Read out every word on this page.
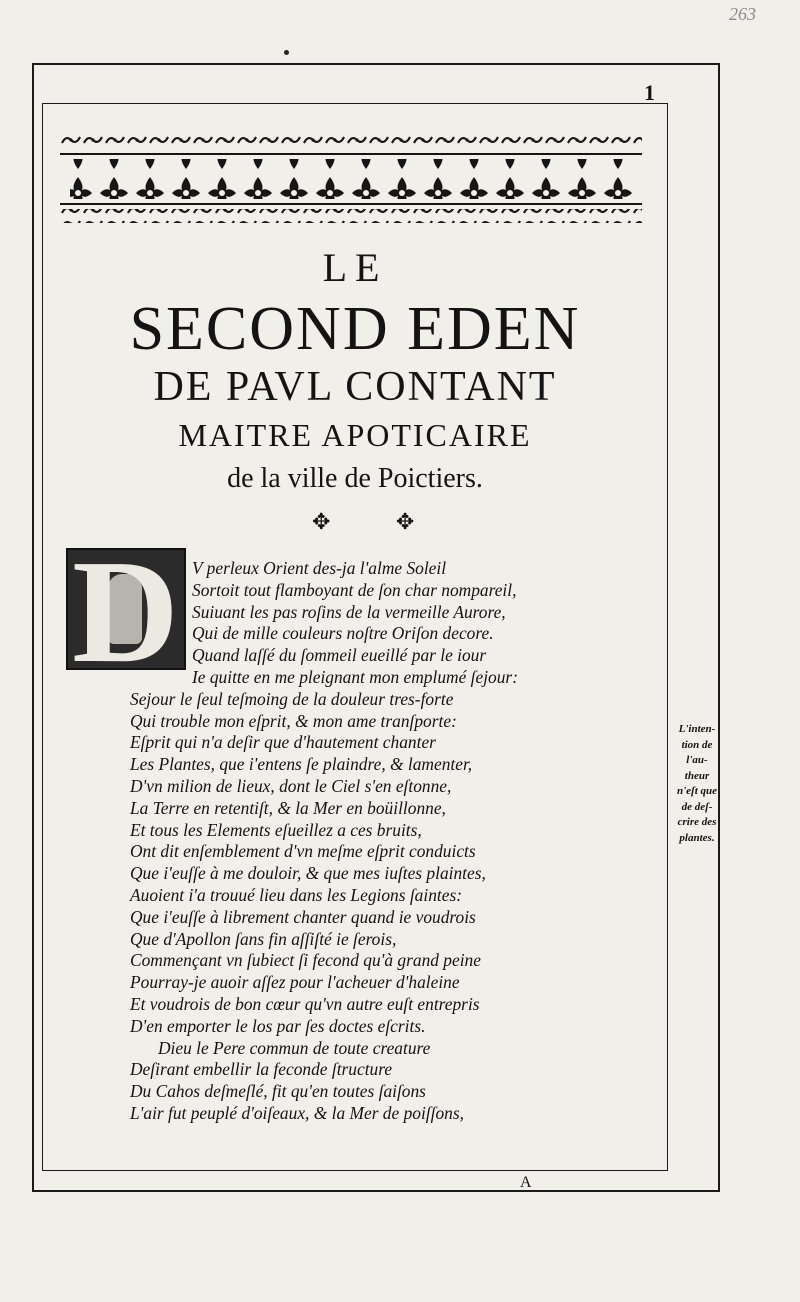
263
1
LE
SECOND EDEN
DE PAVL CONTANT
MAITRE APOTICAIRE
de la ville de Poictiers.
✥ ✥
D V perleux Orient des-ja l'alme Soleil
Sortoit tout flamboyant de ſon char nompareil,
Suiuant les pas roſins de la vermeille Aurore,
Qui de mille couleurs noſtre Oriſon decore.
Quand laſſé du ſommeil eueillé par le iour
Ie quitte en me pleignant mon emplumé ſejour:
Sejour le ſeul teſmoing de la douleur tres-forte
Qui trouble mon eſprit, & mon ame tranſporte:
Eſprit qui n'a deſir que d'hautement chanter
Les Plantes, que i'entens ſe plaindre, & lamenter,
D'vn milion de lieux, dont le Ciel s'en eſtonne,
La Terre en retentiſt, & la Mer en boüillonne,
Et tous les Elements eſueillez a ces bruits,
Ont dit enſemblement d'vn meſme eſprit conduicts
Que i'euſſe à me douloir, & que mes iuſtes plaintes,
Auoient i'a trouué lieu dans les Legions ſaintes:
Que i'euſſe à librement chanter quand ie voudrois
Que d'Apollon ſans fin aſſiſté ie ſerois,
Commençant vn ſubiect ſi fecond qu'à grand peine
Pourray-je auoir aſſez pour l'acheuer d'haleine
Et voudrois de bon cœur qu'vn autre euſt entrepris
D'en emporter le los par ſes doctes eſcrits.
Dieu le Pere commun de toute creature
Deſirant embellir la feconde ſtructure
Du Cahos deſmeſlé, fit qu'en toutes ſaiſons
L'air fut peuplé d'oiſeaux, & la Mer de poiſſons,
L'inten-
tion de
l'au-
theur
n'eſt que
de deſ-
crire des
plantes.
A
